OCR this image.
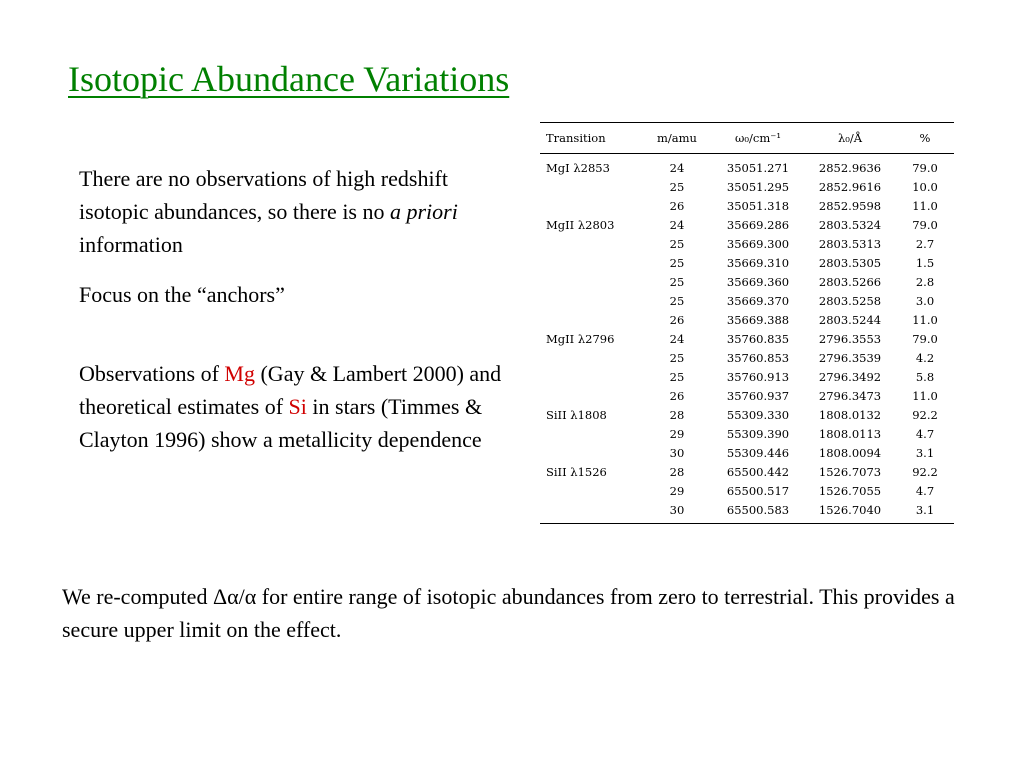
Isotopic Abundance Variations
There are no observations of high redshift isotopic abundances, so there is no a priori information
Focus on the “anchors”
Observations of Mg (Gay & Lambert 2000) and theoretical estimates of Si in stars (Timmes & Clayton 1996) show a metallicity dependence
Transition	m/amu	ω₀/cm⁻¹	λ₀/Å	%
MgI λ2853	24	35051.271	2852.9636	79.0
	25	35051.295	2852.9616	10.0
	26	35051.318	2852.9598	11.0
MgII λ2803	24	35669.286	2803.5324	79.0
	25	35669.300	2803.5313	2.7
	25	35669.310	2803.5305	1.5
	25	35669.360	2803.5266	2.8
	25	35669.370	2803.5258	3.0
	26	35669.388	2803.5244	11.0
MgII λ2796	24	35760.835	2796.3553	79.0
	25	35760.853	2796.3539	4.2
	25	35760.913	2796.3492	5.8
	26	35760.937	2796.3473	11.0
SiII λ1808	28	55309.330	1808.0132	92.2
	29	55309.390	1808.0113	4.7
	30	55309.446	1808.0094	3.1
SiII λ1526	28	65500.442	1526.7073	92.2
	29	65500.517	1526.7055	4.7
	30	65500.583	1526.7040	3.1
We re-computed Δα/α for entire range of isotopic abundances from zero to terrestrial. This provides a secure upper limit on the effect.
